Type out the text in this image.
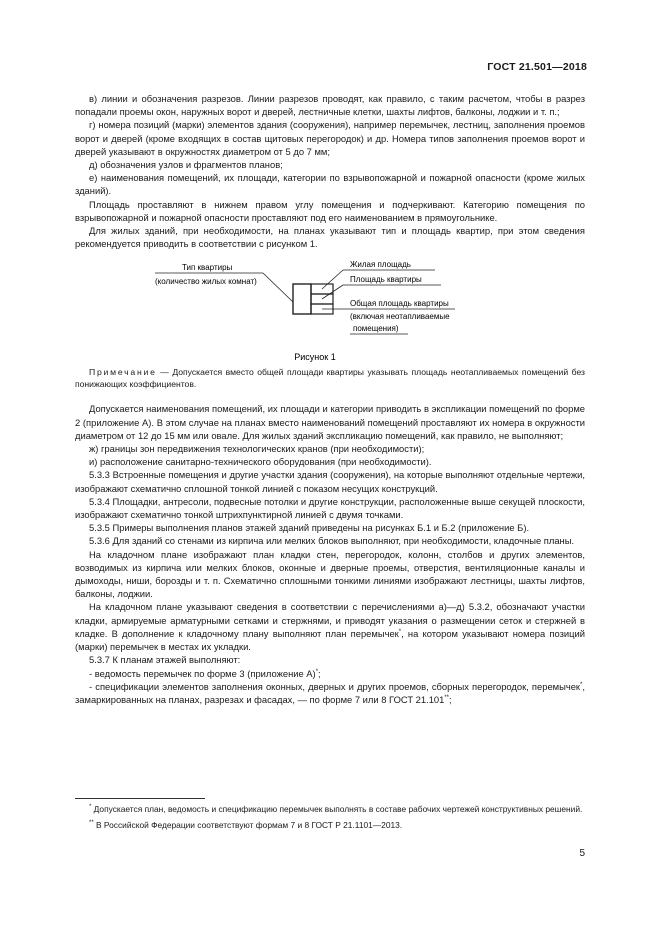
ГОСТ 21.501—2018

в) линии и обозначения разрезов. Линии разрезов проводят, как правило, с таким расчетом, чтобы в разрез попадали проемы окон, наружных ворот и дверей, лестничные клетки, шахты лифтов, балконы, лоджии и т. п.;

г) номера позиций (марки) элементов здания (сооружения), например перемычек, лестниц, заполнения проемов ворот и дверей (кроме входящих в состав щитовых перегородок) и др. Номера типов заполнения проемов ворот и дверей указывают в окружностях диаметром от 5 до 7 мм;

д) обозначения узлов и фрагментов планов;

е) наименования помещений, их площади, категории по взрывопожарной и пожарной опасности (кроме жилых зданий).

Площадь проставляют в нижнем правом углу помещения и подчеркивают. Категорию помещения по взрывопожарной и пожарной опасности проставляют под его наименованием в прямоугольнике.

Для жилых зданий, при необходимости, на планах указывают тип и площадь квартир, при этом сведения рекомендуется приводить в соответствии с рисунком 1.

Тип квартиры
(количество жилых комнат)
Жилая площадь
Площадь квартиры
Общая площадь квартиры
(включая неотапливаемые
помещения)
Рисунок 1

Примечание — Допускается вместо общей площади квартиры указывать площадь неотапливаемых помещений без понижающих коэффициентов.

Допускается наименования помещений, их площади и категории приводить в экспликации помещений по форме 2 (приложение А). В этом случае на планах вместо наименований помещений проставляют их номера в окружности диаметром от 12 до 15 мм или овале. Для жилых зданий экспликацию помещений, как правило, не выполняют;

ж) границы зон передвижения технологических кранов (при необходимости);

и) расположение санитарно-технического оборудования (при необходимости).

5.3.3 Встроенные помещения и другие участки здания (сооружения), на которые выполняют отдельные чертежи, изображают схематично сплошной тонкой линией с показом несущих конструкций.

5.3.4 Площадки, антресоли, подвесные потолки и другие конструкции, расположенные выше секущей плоскости, изображают схематично тонкой штрихпунктирной линией с двумя точками.

5.3.5 Примеры выполнения планов этажей зданий приведены на рисунках Б.1 и Б.2 (приложение Б).

5.3.6 Для зданий со стенами из кирпича или мелких блоков выполняют, при необходимости, кладочные планы.

На кладочном плане изображают план кладки стен, перегородок, колонн, столбов и других элементов, возводимых из кирпича или мелких блоков, оконные и дверные проемы, отверстия, вентиляционные каналы и дымоходы, ниши, борозды и т. п. Схематично сплошными тонкими линиями изображают лестницы, шахты лифтов, балконы, лоджии.

На кладочном плане указывают сведения в соответствии с перечислениями а)—д) 5.3.2, обозначают участки кладки, армируемые арматурными сетками и стержнями, и приводят указания о размещении сеток и стержней в кладке. В дополнение к кладочному плану выполняют план перемычек*, на котором указывают номера позиций (марки) перемычек в местах их укладки.

5.3.7 К планам этажей выполняют:

- ведомость перемычек по форме 3 (приложение А)*;

- спецификации элементов заполнения оконных, дверных и других проемов, сборных перегородок, перемычек*, замаркированных на планах, разрезах и фасадах, — по форме 7 или 8 ГОСТ 21.101**;

* Допускается план, ведомость и спецификацию перемычек выполнять в составе рабочих чертежей конструктивных решений.

** В Российской Федерации соответствуют формам 7 и 8 ГОСТ Р 21.1101—2013.

5
